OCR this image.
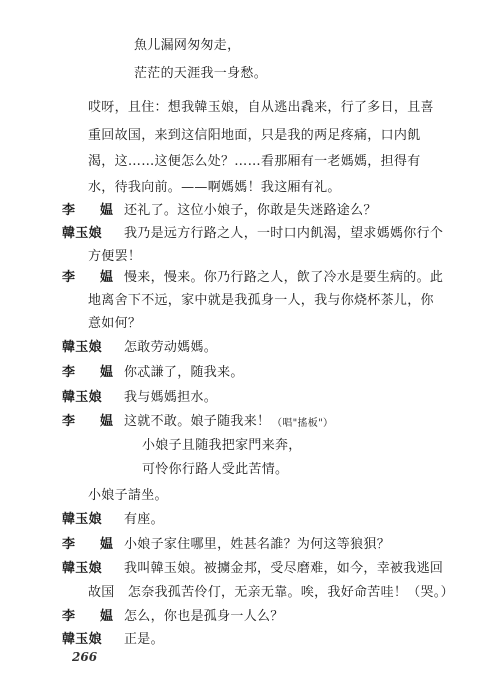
魚儿漏网匆匆走，
茫茫的天涯我一身愁。
哎呀，且住：想我韓玉娘，自从逃出毳来，行了多日，且喜
重回故国，来到这信阳地面，只是我的两足疼痛，口内飢
渴，这……这便怎么处？……看那厢有一老媽媽，担得有
水，待我向前。——啊媽媽！我这厢有礼。
李　媪 还礼了。这位小娘子，你敢是失迷路途么？
韓玉娘 我乃是远方行路之人，一时口内飢渴，望求媽媽你行个
方便罢！
李　媪 慢来，慢来。你乃行路之人，飲了冷水是要生病的。此
地离舍下不远，家中就是我孤身一人，我与你烧杯茶儿，你
意如何？
韓玉娘 怎敢劳动媽媽。
李　媪 你忒謙了，随我来。
韓玉娘 我与媽媽担水。
李　媪 这就不敢。娘子随我来！ （唱"搖板"）
小娘子且随我把家門来奔，
可怜你行路人受此苦情。
小娘子請坐。
韓玉娘 有座。
李　媪 小娘子家住哪里，姓甚名誰？为何这等狼狽？
韓玉娘 我叫韓玉娘。被擄金邦，受尽磨难，如今，幸被我逃回
故国　怎奈我孤苦伶仃，无亲无靠。唉，我好命苦哇！（哭。）
李　媪 怎么，你也是孤身一人么？
韓玉娘 正是。
266
